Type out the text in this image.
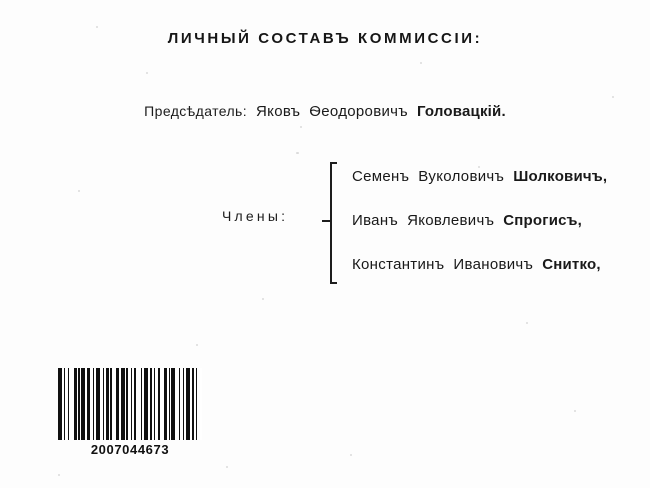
ЛИЧНЫЙ СОСТАВЪ КОММИССІИ:
Предсѣдатель: Яковъ Ѳеодоровичъ Головацкій.
Члены:
Семенъ Вуколовичъ Шолковичъ,
Иванъ Яковлевичъ Спрогисъ,
Константинъ Ивановичъ Снитко,
2007044673
